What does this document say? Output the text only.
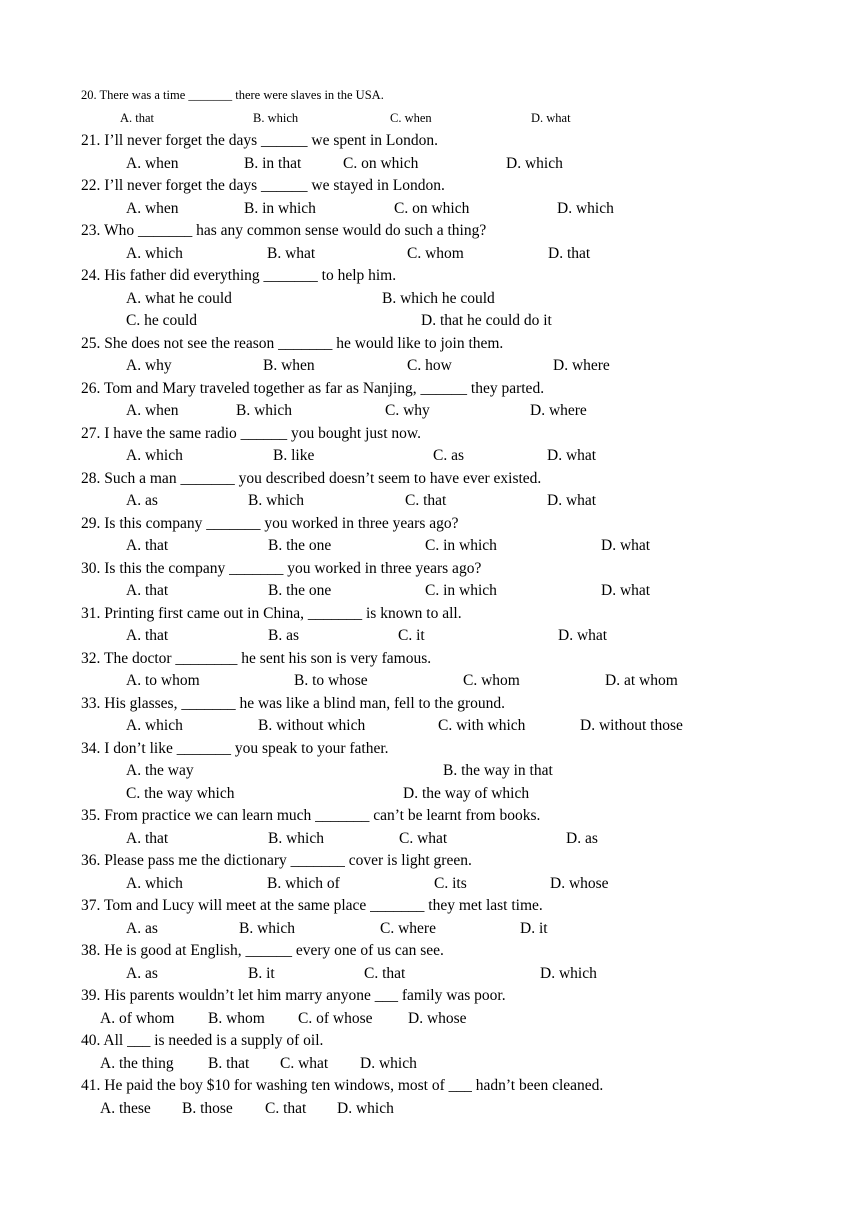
20. There was a time _______ there were slaves in the USA.
A. that	B. which	C. when	D. what
21. I’ll never forget the days ______ we spent in London.
A. when	B. in that	C. on which	D. which
22. I’ll never forget the days ______ we stayed in London.
A. when	B. in which	C. on which	D. which
23. Who _______ has any common sense would do such a thing?
A. which	B. what	C. whom	D. that
24. His father did everything _______ to help him.
A. what he could	B. which he could
C. he could	D. that he could do it
25. She does not see the reason _______ he would like to join them.
A. why	B. when	C. how	D. where
26. Tom and Mary traveled together as far as Nanjing, ______ they parted.
A. when	B. which	C. why	D. where
27. I have the same radio ______ you bought just now.
A. which	B. like	C. as	D. what
28. Such a man _______ you described doesn’t seem to have ever existed.
A. as	B. which	C. that	D. what
29. Is this company _______ you worked in three years ago?
A. that	B. the one	C. in which	D. what
30. Is this the company _______ you worked in three years ago?
A. that	B. the one	C. in which	D. what
31. Printing first came out in China, _______ is known to all.
A. that	B. as	C. it	D. what
32. The doctor ________ he sent his son is very famous.
A. to whom	B. to whose	C. whom	D. at whom
33. His glasses, _______ he was like a blind man, fell to the ground.
A. which	B. without which	C. with which	D. without those
34. I don’t like _______ you speak to your father.
A. the way	B. the way in that
C. the way which	D. the way of which
35. From practice we can learn much _______ can’t be learnt from books.
A. that	B. which	C. what	D. as
36. Please pass me the dictionary _______ cover is light green.
A. which	B. which of	C. its	D. whose
37. Tom and Lucy will meet at the same place _______ they met last time.
A. as	B. which	C. where	D. it
38. He is good at English, ______ every one of us can see.
A. as	B. it	C. that	D. which
39. His parents wouldn’t let him marry anyone ___ family was poor.
A. of whom B. whom C. of whose D. whose
40. All ___ is needed is a supply of oil.
A. the thing B. that C. what D. which
41. He paid the boy $10 for washing ten windows, most of ___ hadn’t been cleaned.
A. these B. those C. that D. which
